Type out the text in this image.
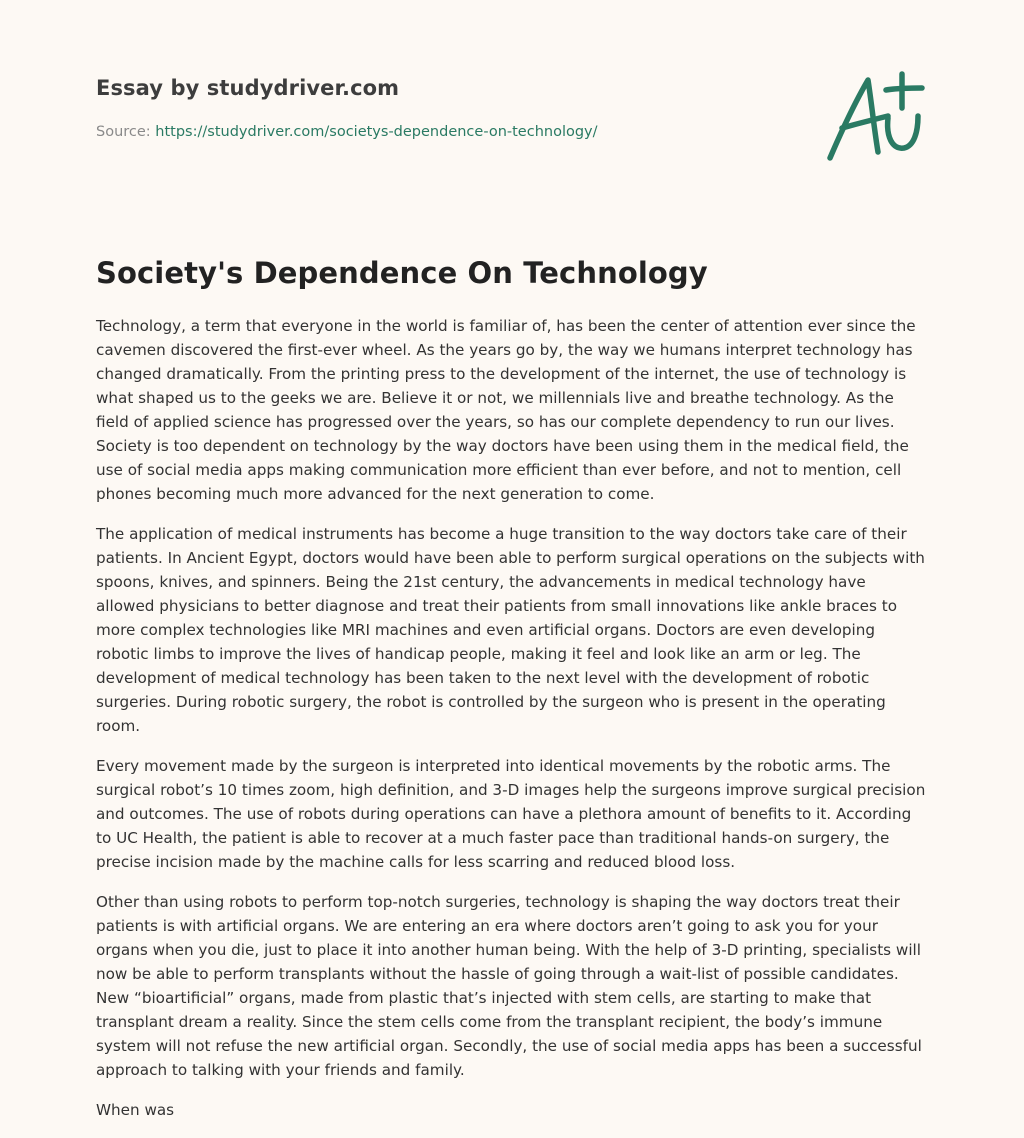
Essay by studydriver.com
Source: https://studydriver.com/societys-dependence-on-technology/
Society's Dependence On Technology

Technology, a term that everyone in the world is familiar of, has been the center of attention ever since the cavemen discovered the first-ever wheel. As the years go by, the way we humans interpret technology has changed dramatically. From the printing press to the development of the internet, the use of technology is what shaped us to the geeks we are. Believe it or not, we millennials live and breathe technology. As the field of applied science has progressed over the years, so has our complete dependency to run our lives. Society is too dependent on technology by the way doctors have been using them in the medical field, the use of social media apps making communication more efficient than ever before, and not to mention, cell phones becoming much more advanced for the next generation to come.

The application of medical instruments has become a huge transition to the way doctors take care of their patients. In Ancient Egypt, doctors would have been able to perform surgical operations on the subjects with spoons, knives, and spinners. Being the 21st century, the advancements in medical technology have allowed physicians to better diagnose and treat their patients from small innovations like ankle braces to more complex technologies like MRI machines and even artificial organs. Doctors are even developing robotic limbs to improve the lives of handicap people, making it feel and look like an arm or leg. The development of medical technology has been taken to the next level with the development of robotic surgeries. During robotic surgery, the robot is controlled by the surgeon who is present in the operating room.

Every movement made by the surgeon is interpreted into identical movements by the robotic arms. The surgical robot’s 10 times zoom, high definition, and 3-D images help the surgeons improve surgical precision and outcomes. The use of robots during operations can have a plethora amount of benefits to it. According to UC Health, the patient is able to recover at a much faster pace than traditional hands-on surgery, the precise incision made by the machine calls for less scarring and reduced blood loss.

Other than using robots to perform top-notch surgeries, technology is shaping the way doctors treat their patients is with artificial organs. We are entering an era where doctors aren’t going to ask you for your organs when you die, just to place it into another human being. With the help of 3-D printing, specialists will now be able to perform transplants without the hassle of going through a wait-list of possible candidates. New “bioartificial” organs, made from plastic that’s injected with stem cells, are starting to make that transplant dream a reality. Since the stem cells come from the transplant recipient, the body’s immune system will not refuse the new artificial organ. Secondly, the use of social media apps has been a successful approach to talking with your friends and family.

When was
